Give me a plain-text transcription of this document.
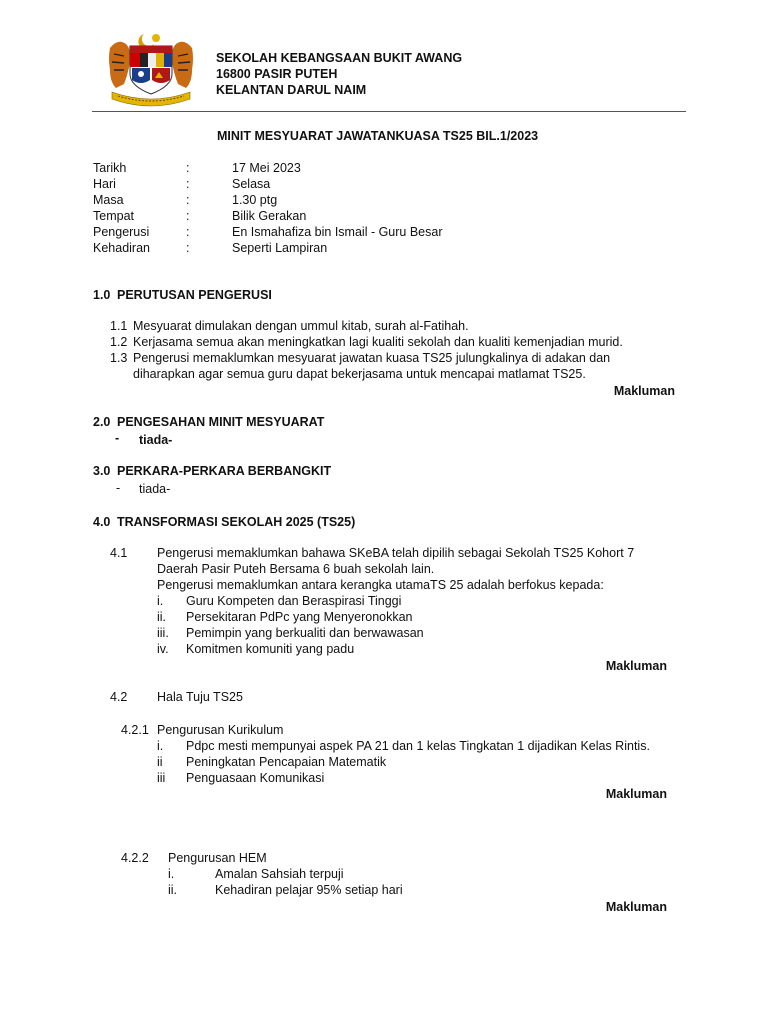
SEKOLAH KEBANGSAAN BUKIT AWANG
16800 PASIR PUTEH
KELANTAN DARUL NAIM
MINIT MESYUARAT JAWATANKUASA TS25 BIL.1/2023
Tarikh	:	17 Mei 2023
Hari	:	Selasa
Masa	:	1.30 ptg
Tempat	:	Bilik Gerakan
Pengerusi	:	En Ismahafiza bin Ismail - Guru Besar
Kehadiran	:	Seperti Lampiran
1.0 PERUTUSAN PENGERUSI
1.1 Mesyuarat dimulakan dengan ummul kitab, surah al-Fatihah.
1.2 Kerjasama semua akan meningkatkan lagi kualiti sekolah dan kualiti kemenjadian murid.
1.3 Pengerusi memaklumkan mesyuarat jawatan kuasa TS25 julungkalinya di adakan dan
diharapkan agar semua guru dapat bekerjasama untuk mencapai matlamat TS25.
Makluman
2.0 PENGESAHAN MINIT MESYUARAT
- tiada-
3.0 PERKARA-PERKARA BERBANGKIT
- tiada-
4.0 TRANSFORMASI SEKOLAH 2025 (TS25)
4.1 Pengerusi memaklumkan bahawa SKeBA telah dipilih sebagai Sekolah TS25 Kohort 7
Daerah Pasir Puteh Bersama 6 buah sekolah lain.
Pengerusi memaklumkan antara kerangka utamaTS 25 adalah berfokus kepada:
i. Guru Kompeten dan Beraspirasi Tinggi
ii. Persekitaran PdPc yang Menyeronokkan
iii. Pemimpin yang berkualiti dan berwawasan
iv. Komitmen komuniti yang padu
Makluman
4.2 Hala Tuju TS25
4.2.1 Pengurusan Kurikulum
i. Pdpc mesti mempunyai aspek PA 21 dan 1 kelas Tingkatan 1 dijadikan Kelas Rintis.
ii Peningkatan Pencapaian Matematik
iii Penguasaan Komunikasi
Makluman
4.2.2 Pengurusan HEM
i.	Amalan Sahsiah terpuji
ii.	Kehadiran pelajar 95% setiap hari
Makluman
